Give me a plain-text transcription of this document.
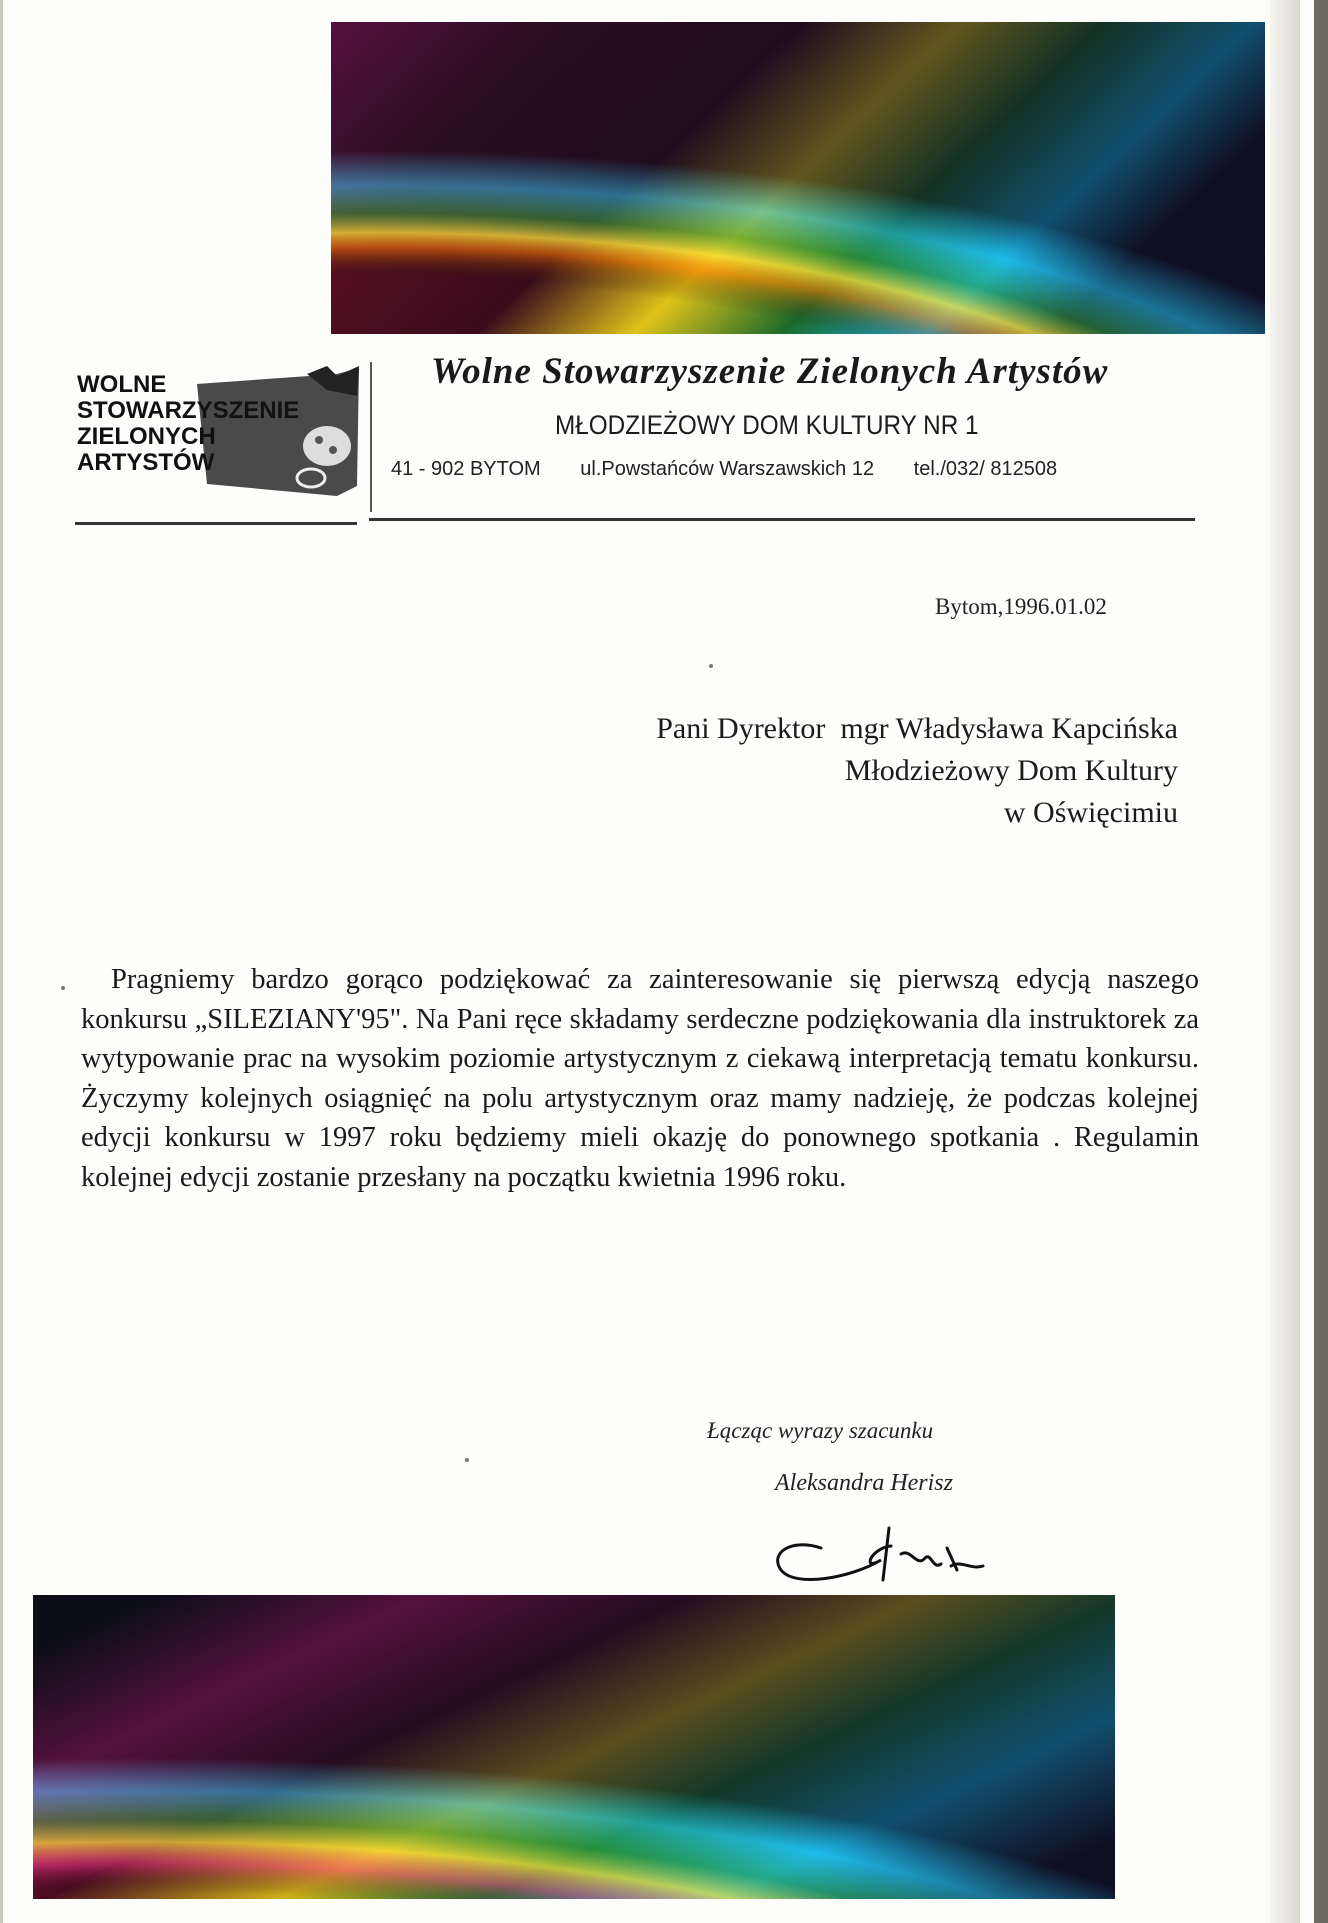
WOLNE
STOWARZYSZENIE
ZIELONYCH
ARTYSTÓW
Wolne Stowarzyszenie Zielonych Artystów
MŁODZIEŻOWY DOM KULTURY NR 1
41 - 902 BYTOM ul.Powstańców Warszawskich 12 tel./032/ 812508
Bytom,1996.01.02
Pani Dyrektor  mgr Władysława Kapcińska
Młodzieżowy Dom Kultury
w Oświęcimiu

Pragniemy bardzo gorąco podziękować za zainteresowanie się pierwszą edycją naszego konkursu „SILEZIANY'95". Na Pani ręce składamy serdeczne podziękowania dla instruktorek za wytypowanie prac na wysokim poziomie artystycznym z ciekawą interpretacją tematu konkursu. Życzymy kolejnych osiągnięć na polu artystycznym oraz mamy nadzieję, że podczas kolejnej edycji konkursu w 1997 roku będziemy mieli okazję do ponownego spotkania . Regulamin kolejnej edycji zostanie przesłany na początku kwietnia 1996 roku.

Łącząc wyrazy szacunku
Aleksandra Herisz
